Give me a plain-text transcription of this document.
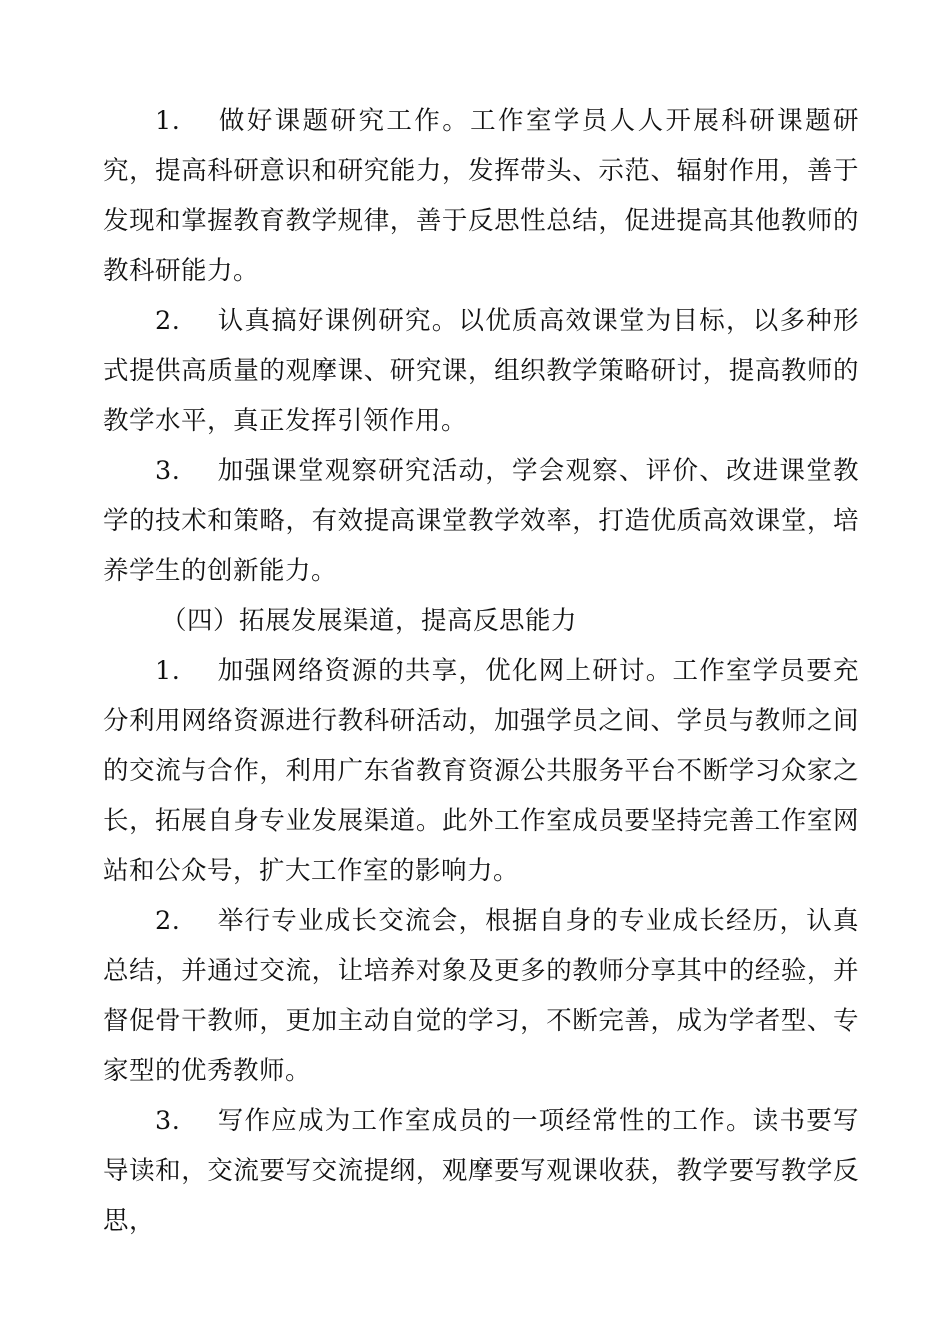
1. 做好课题研究工作。工作室学员人人开展科研课题研究，提高科研意识和研究能力，发挥带头、示范、辐射作用，善于发现和掌握教育教学规律，善于反思性总结，促进提高其他教师的教科研能力。

2. 认真搞好课例研究。以优质高效课堂为目标，以多种形式提供高质量的观摩课、研究课，组织教学策略研讨，提高教师的教学水平，真正发挥引领作用。

3. 加强课堂观察研究活动，学会观察、评价、改进课堂教学的技术和策略，有效提高课堂教学效率，打造优质高效课堂，培养学生的创新能力。

（四）拓展发展渠道，提高反思能力

1. 加强网络资源的共享，优化网上研讨。工作室学员要充分利用网络资源进行教科研活动，加强学员之间、学员与教师之间的交流与合作，利用广东省教育资源公共服务平台不断学习众家之长，拓展自身专业发展渠道。此外工作室成员要坚持完善工作室网站和公众号，扩大工作室的影响力。

2. 举行专业成长交流会，根据自身的专业成长经历，认真总结，并通过交流，让培养对象及更多的教师分享其中的经验，并督促骨干教师，更加主动自觉的学习，不断完善，成为学者型、专家型的优秀教师。

3. 写作应成为工作室成员的一项经常性的工作。读书要写导读和，交流要写交流提纲，观摩要写观课收获，教学要写教学反思，
